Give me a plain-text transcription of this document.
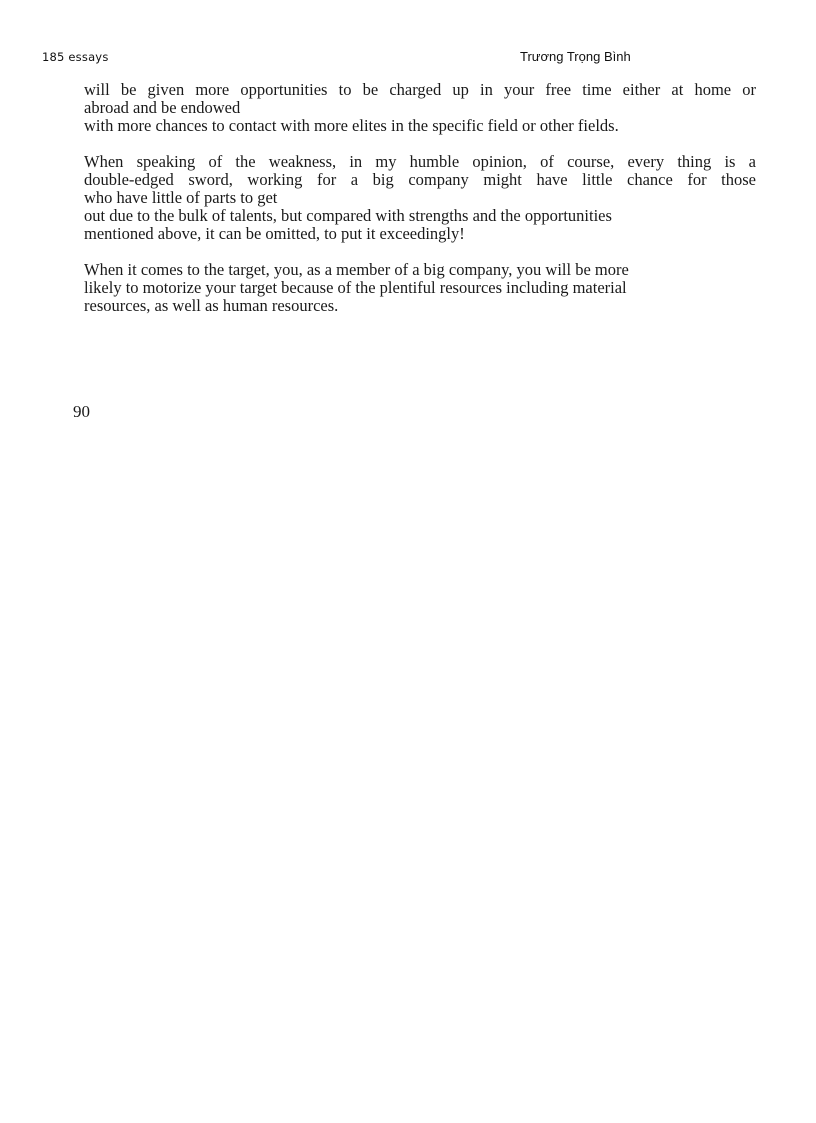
185 essays	Trương Trọng Bình

will be given more opportunities to be charged up in your free time either at home or
abroad and be endowed
with more chances to contact with more elites in the specific field or other fields.

When speaking of the weakness, in my humble opinion, of course, every thing is a
double-edged sword, working for a big company might have little chance for those
who have little of parts to get
out due to the bulk of talents, but compared with strengths and the opportunities
mentioned above, it can be omitted, to put it exceedingly!

When it comes to the target, you, as a member of a big company, you will be more
likely to motorize your target because of the plentiful resources including material
resources, as well as human resources.

90
